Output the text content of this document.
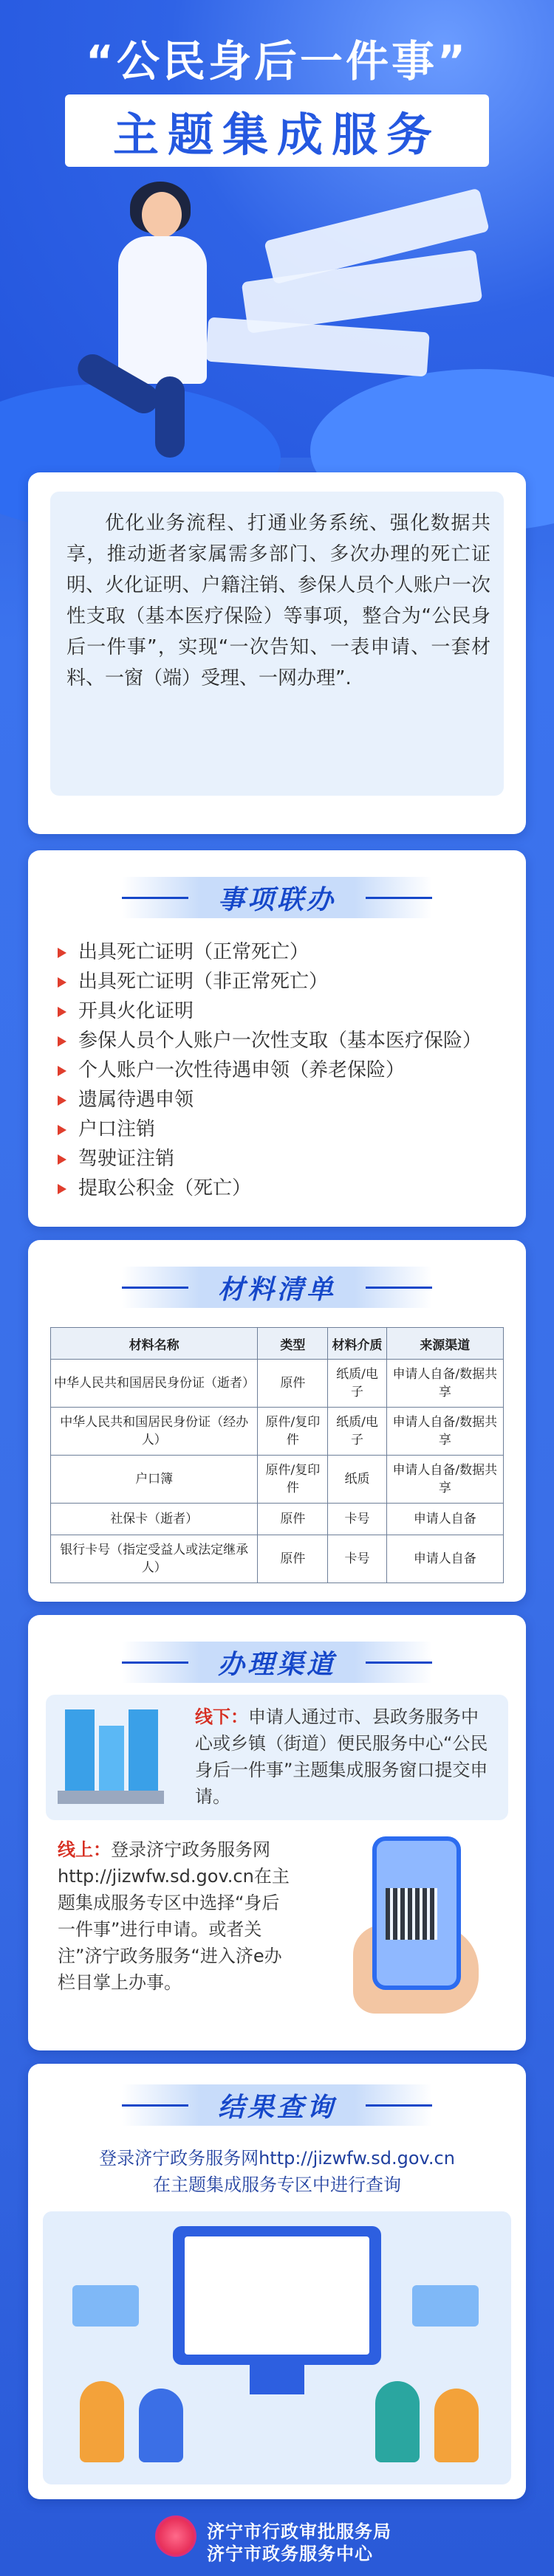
“公民身后一件事”
主题集成服务
优化业务流程、打通业务系统、强化数据共享，推动逝者家属需多部门、多次办理的死亡证明、火化证明、户籍注销、参保人员个人账户一次性支取（基本医疗保险）等事项，整合为“公民身后一件事”，实现“一次告知、一表申请、一套材料、一窗（端）受理、一网办理”.
事项联办
出具死亡证明（正常死亡）
出具死亡证明（非正常死亡）
开具火化证明
参保人员个人账户一次性支取（基本医疗保险）
个人账户一次性待遇申领（养老保险）
遗属待遇申领
户口注销
驾驶证注销
提取公积金（死亡）
材料清单
材料名称	类型	材料介质	来源渠道
中华人民共和国居民身份证（逝者）	原件	纸质/电子	申请人自备/数据共享
中华人民共和国居民身份证（经办人）	原件/复印件	纸质/电子	申请人自备/数据共享
户口簿	原件/复印件	纸质	申请人自备/数据共享
社保卡（逝者）	原件	卡号	申请人自备
银行卡号（指定受益人或法定继承人）	原件	卡号	申请人自备
办理渠道
线下：申请人通过市、县政务服务中心或乡镇（街道）便民服务中心“公民身后一件事”主题集成服务窗口提交申请。
线上：登录济宁政务服务网http://jizwfw.sd.gov.cn在主题集成服务专区中选择“身后一件事”进行申请。或者关注”济宁政务服务“进入济e办栏目掌上办事。
结果查询
登录济宁政务服务网http://jizwfw.sd.gov.cn
在主题集成服务专区中进行查询
济宁市行政审批服务局
济宁市政务服务中心
